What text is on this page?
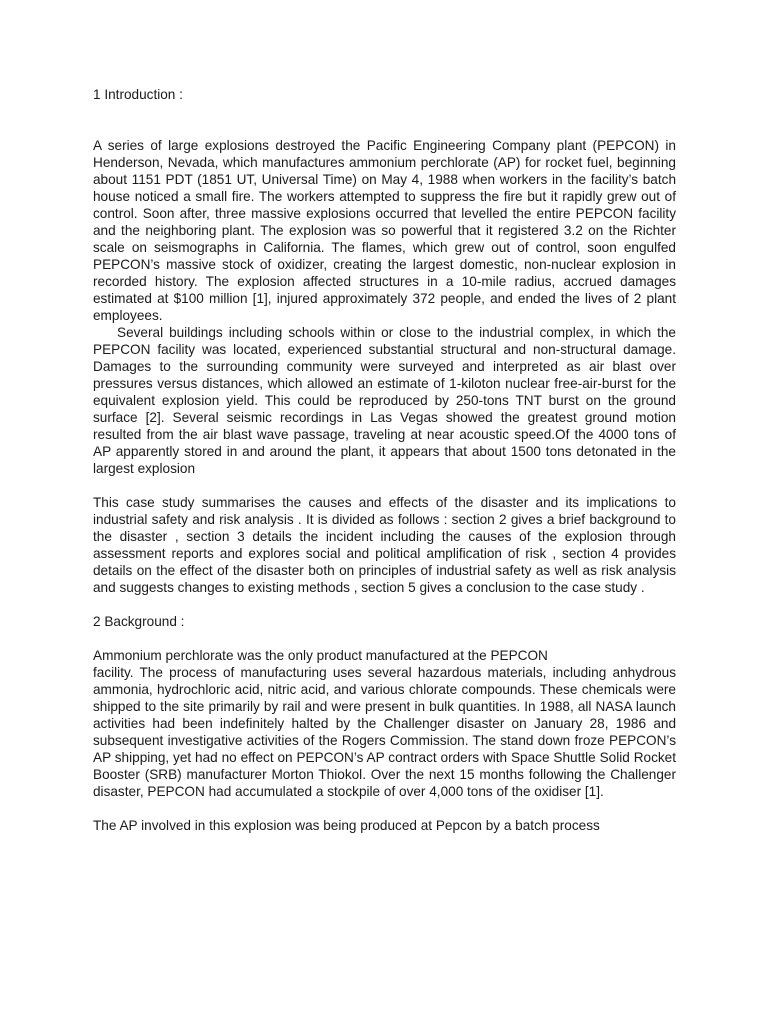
1 Introduction :

A series of large explosions destroyed the Pacific Engineering Company plant (PEPCON) in Henderson, Nevada, which manufactures ammonium perchlorate (AP) for rocket fuel, beginning about 1151 PDT (1851 UT, Universal Time) on May 4, 1988 when workers in the facility’s batch house noticed a small fire. The workers attempted to suppress the fire but it rapidly grew out of control. Soon after, three massive explosions occurred that levelled the entire PEPCON facility and the neighboring plant. The explosion was so powerful that it registered 3.2 on the Richter scale on seismographs in California. The flames, which grew out of control, soon engulfed PEPCON’s massive stock of oxidizer, creating the largest domestic, non-nuclear explosion in recorded history. The explosion affected structures in a 10-mile radius, accrued damages estimated at $100 million [1], injured approximately 372 people, and ended the lives of 2 plant employees.

Several buildings including schools within or close to the industrial complex, in which the PEPCON facility was located, experienced substantial structural and non-structural damage. Damages to the surrounding community were surveyed and interpreted as air blast over pressures versus distances, which allowed an estimate of 1-kiloton nuclear free-air-burst for the equivalent explosion yield. This could be reproduced by 250-tons TNT burst on the ground surface [2]. Several seismic recordings in Las Vegas showed the greatest ground motion resulted from the air blast wave passage, traveling at near acoustic speed.Of the 4000 tons of AP apparently stored in and around the plant, it appears that about 1500 tons detonated in the largest explosion

This case study summarises the causes and effects of the disaster and its implications to industrial safety and risk analysis . It is divided as follows : section 2 gives a brief background to the disaster , section 3 details the incident including the causes of the explosion through assessment reports and explores social and political amplification of risk , section 4 provides details on the effect of the disaster both on principles of industrial safety as well as risk analysis and suggests changes to existing methods , section 5 gives a conclusion to the case study .

2 Background :

Ammonium perchlorate was the only product manufactured at the PEPCON

facility. The process of manufacturing uses several hazardous materials, including anhydrous ammonia, hydrochloric acid, nitric acid, and various chlorate compounds. These chemicals were shipped to the site primarily by rail and were present in bulk quantities. In 1988, all NASA launch activities had been indefinitely halted by the Challenger disaster on January 28, 1986 and subsequent investigative activities of the Rogers Commission. The stand down froze PEPCON’s AP shipping, yet had no effect on PEPCON’s AP contract orders with Space Shuttle Solid Rocket Booster (SRB) manufacturer Morton Thiokol. Over the next 15 months following the Challenger disaster, PEPCON had accumulated a stockpile of over 4,000 tons of the oxidiser [1].

The AP involved in this explosion was being produced at Pepcon by a batch process
